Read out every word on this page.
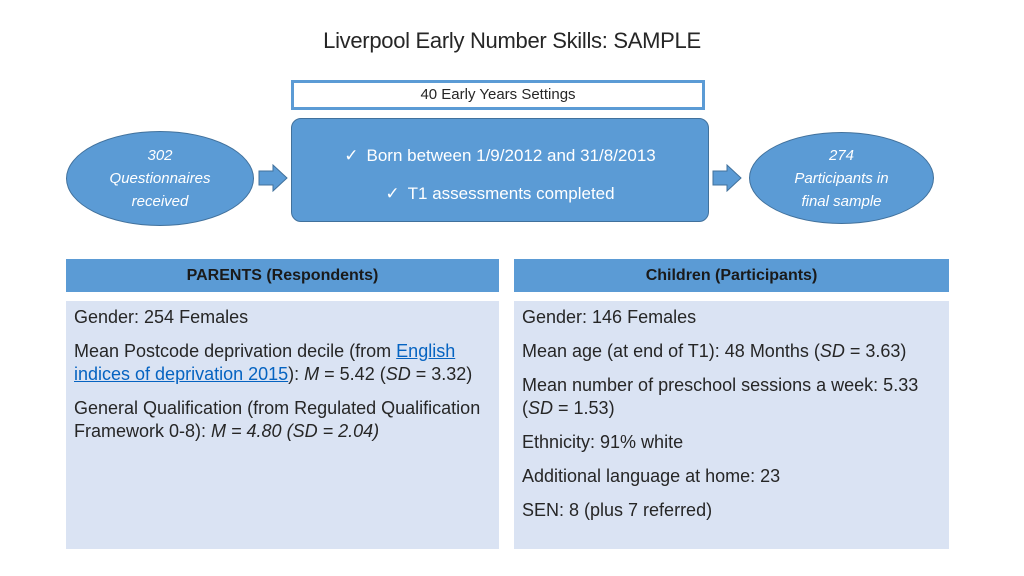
Liverpool Early Number Skills: SAMPLE
40 Early Years Settings
302
Questionnaires
received
✓ Born between 1/9/2012 and 31/8/2013
✓ T1 assessments completed
274
Participants in
final sample
PARENTS (Respondents)
Gender: 254 Females
Mean Postcode deprivation decile (from English indices of deprivation 2015): M = 5.42 (SD = 3.32)
General Qualification (from Regulated Qualification Framework 0-8): M = 4.80 (SD = 2.04)
Children (Participants)
Gender: 146 Females
Mean age (at end of T1): 48 Months (SD = 3.63)
Mean number of preschool sessions a week: 5.33 (SD = 1.53)
Ethnicity: 91% white
Additional language at home: 23
SEN: 8 (plus 7 referred)
